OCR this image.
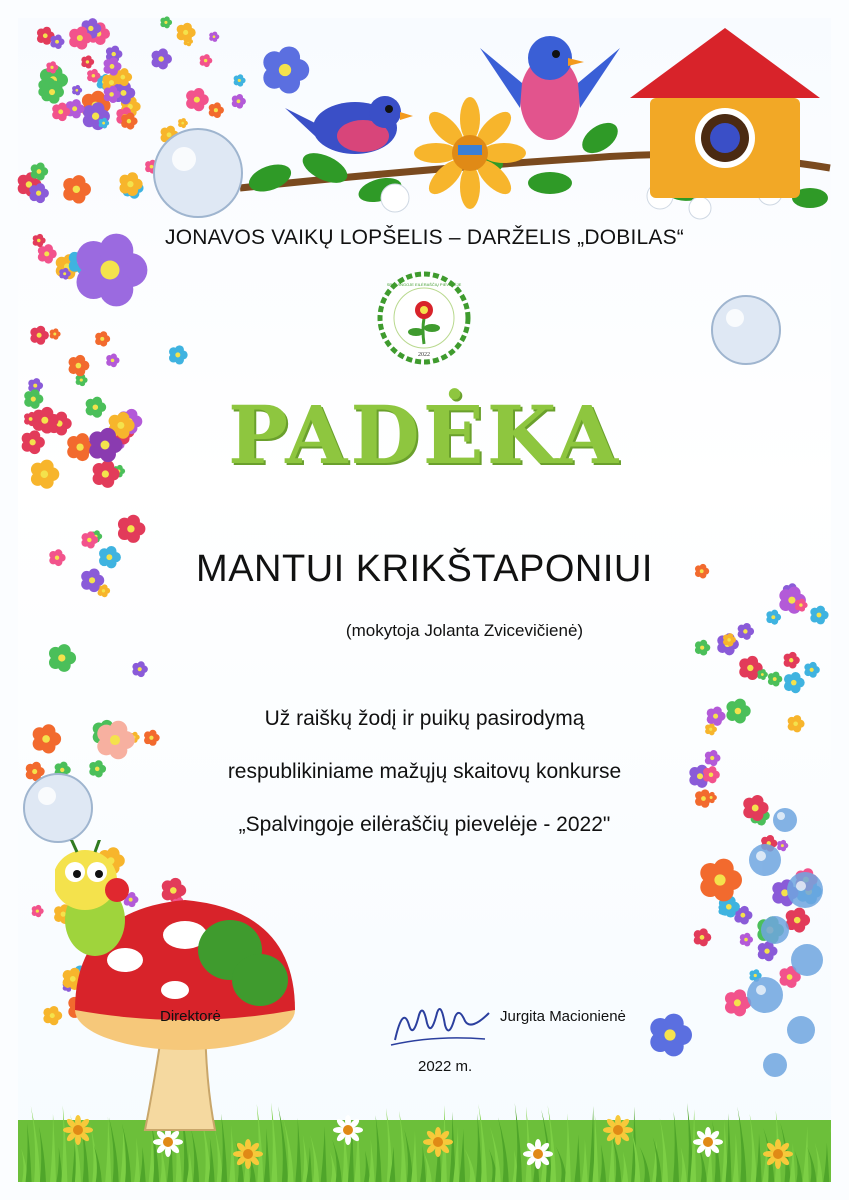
2022
SPALVINGOJE EILĖRAŠČIŲ PIEVELĖJE
JONAVOS VAIKŲ LOPŠELIS – DARŽELIS „DOBILAS“
PADĖKA
MANTUI KRIKŠTAPONIUI
(mokytoja Jolanta Zvicevičienė)
Už raiškų žodį ir puikų pasirodymą
respublikiniame mažųjų skaitovų konkurse
„Spalvingoje eilėraščių pievelėje - 2022"
Direktorė	Jurgita Macionienė
2022 m.
